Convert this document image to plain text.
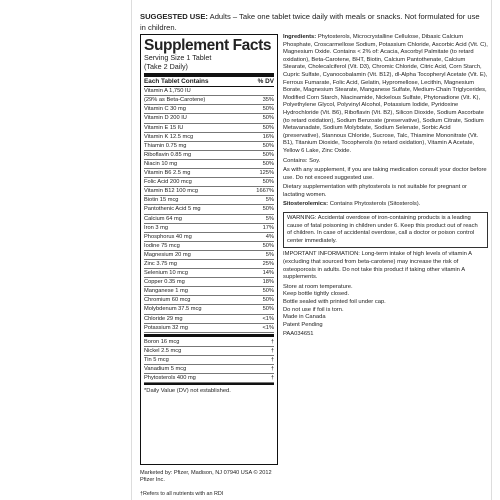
SUGGESTED USE: Adults – Take one tablet twice daily with meals or snacks. Not formulated for use in children.
Supplement Facts
Serving Size 1 Tablet
(Take 2 Daily)
Each Tablet Contains	% DV
Vitamin A 1,750 IU
(29% as Beta-Carotene)	35%
Vitamin C 30 mg	50%
Vitamin D 200 IU	50%
Vitamin E 15 IU	50%
Vitamin K 12.5 mcg	16%
Thiamin 0.75 mg	50%
Riboflavin 0.85 mg	50%
Niacin 10 mg	50%
Vitamin B6 2.5 mg	125%
Folic Acid 200 mcg	50%
Vitamin B12 100 mcg	1667%
Biotin 15 mcg	5%
Pantothenic Acid 5 mg	50%
Calcium 64 mg	5%
Iron 3 mg	17%
Phosphorus 40 mg	4%
Iodine 75 mcg	50%
Magnesium 20 mg	5%
Zinc 3.75 mg	25%
Selenium 10 mcg	14%
Copper 0.35 mg	18%
Manganese 1 mg	50%
Chromium 60 mcg	50%
Molybdenum 37.5 mcg	50%
Chloride 29 mg	<1%
Potassium 32 mg	<1%
Boron 16 mcg	†
Nickel 2.5 mcg	†
Tin 5 mcg	†
Vanadium 5 mcg	†
Phytosterols 400 mg	†
*Daily Value (DV) not established.
Marketed by: Pfizer, Madison, NJ 07940 USA © 2012 Pfizer Inc.
†Refers to all nutrients with an RDI

Ingredients: Phytosterols, Microcrystalline Cellulose, Dibasic Calcium Phosphate, Croscarmellose Sodium, Potassium Chloride, Ascorbic Acid (Vit. C), Magnesium Oxide. Contains < 2% of: Acacia, Ascorbyl Palmitate (to retard oxidation), Beta-Carotene, BHT, Biotin, Calcium Pantothenate, Calcium Stearate, Cholecalciferol (Vit. D3), Chromic Chloride, Citric Acid, Corn Starch, Cupric Sulfate, Cyanocobalamin (Vit. B12), dl-Alpha Tocopheryl Acetate (Vit. E), Ferrous Fumarate, Folic Acid, Gelatin, Hypromellose, Lecithin, Magnesium Borate, Magnesium Stearate, Manganese Sulfate, Medium-Chain Triglycerides, Modified Corn Starch, Niacinamide, Nickelous Sulfate, Phytonadione (Vit. K), Polyethylene Glycol, Polyvinyl Alcohol, Potassium Iodide, Pyridoxine Hydrochloride (Vit. B6), Riboflavin (Vit. B2), Silicon Dioxide, Sodium Ascorbate (to retard oxidation), Sodium Benzoate (preservative), Sodium Citrate, Sodium Metavanadate, Sodium Molybdate, Sodium Selenate, Sorbic Acid (preservative), Stannous Chloride, Sucrose, Talc, Thiamine Mononitrate (Vit. B1), Titanium Dioxide, Tocopherols (to retard oxidation), Vitamin A Acetate, Yellow 6 Lake, Zinc Oxide.

Contains: Soy.

As with any supplement, if you are taking medication consult your doctor before use. Do not exceed suggested use.

Dietary supplementation with phytosterols is not suitable for pregnant or lactating women.

Sitosterolemics: Contains Phytosterols (Sitosterols).

WARNING: Accidental overdose of iron-containing products is a leading cause of fatal poisoning in children under 6. Keep this product out of reach of children. In case of accidental overdose, call a doctor or poison control center immediately.

IMPORTANT INFORMATION: Long-term intake of high levels of vitamin A (excluding that sourced from beta-carotene) may increase the risk of osteoporosis in adults. Do not take this product if taking other vitamin A supplements.

Store at room temperature.
Keep bottle tightly closed.
Bottle sealed with printed foil under cap.
Do not use if foil is torn.
Made in Canada
Patent Pending

PAA034651
